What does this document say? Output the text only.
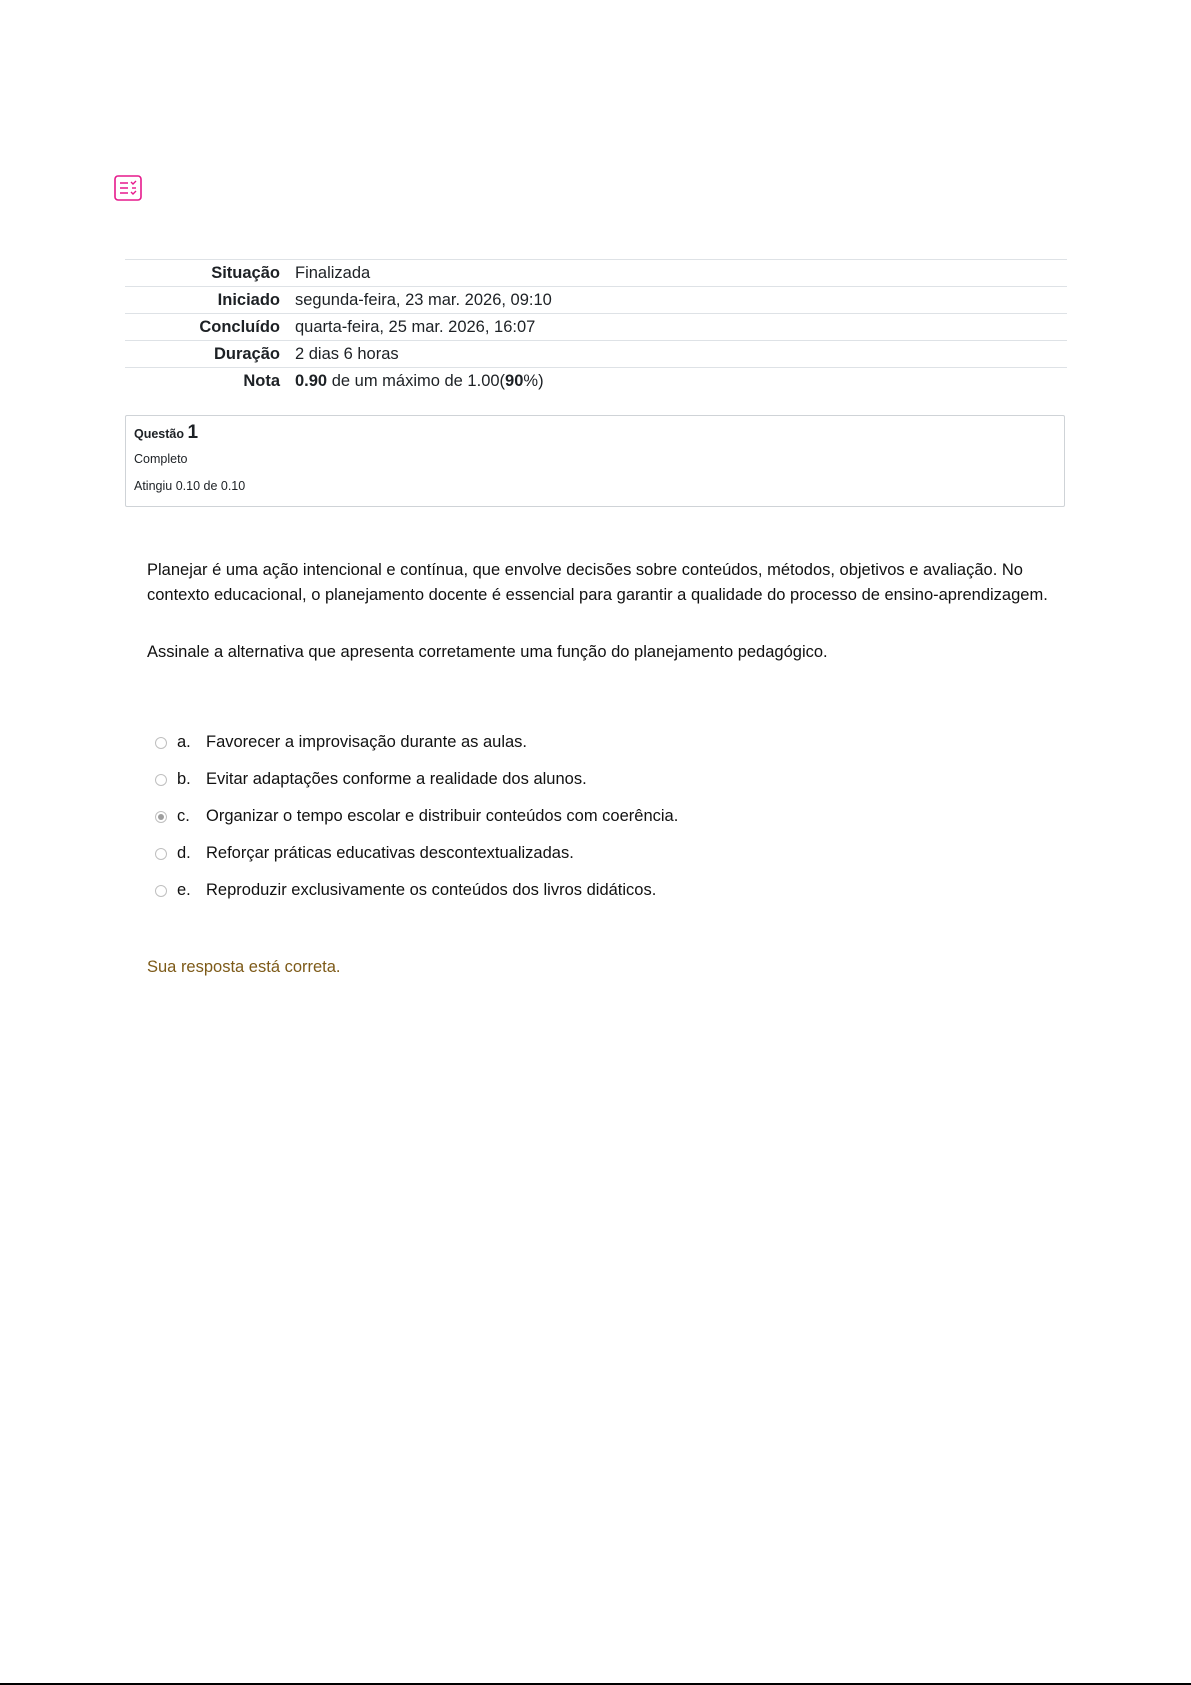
Situação	Finalizada
Iniciado	segunda-feira, 23 mar. 2026, 09:10
Concluído	quarta-feira, 25 mar. 2026, 16:07
Duração	2 dias 6 horas
Nota	0.90 de um máximo de 1.00(90%)
Questão 1
Completo
Atingiu 0.10 de 0.10

Planejar é uma ação intencional e contínua, que envolve decisões sobre conteúdos, métodos, objetivos e avaliação. No contexto educacional, o planejamento docente é essencial para garantir a qualidade do processo de ensino-aprendizagem.

Assinale a alternativa que apresenta corretamente uma função do planejamento pedagógico.

a. Favorecer a improvisação durante as aulas.
b. Evitar adaptações conforme a realidade dos alunos.
c. Organizar o tempo escolar e distribuir conteúdos com coerência.
d. Reforçar práticas educativas descontextualizadas.
e. Reproduzir exclusivamente os conteúdos dos livros didáticos.
Sua resposta está correta.
